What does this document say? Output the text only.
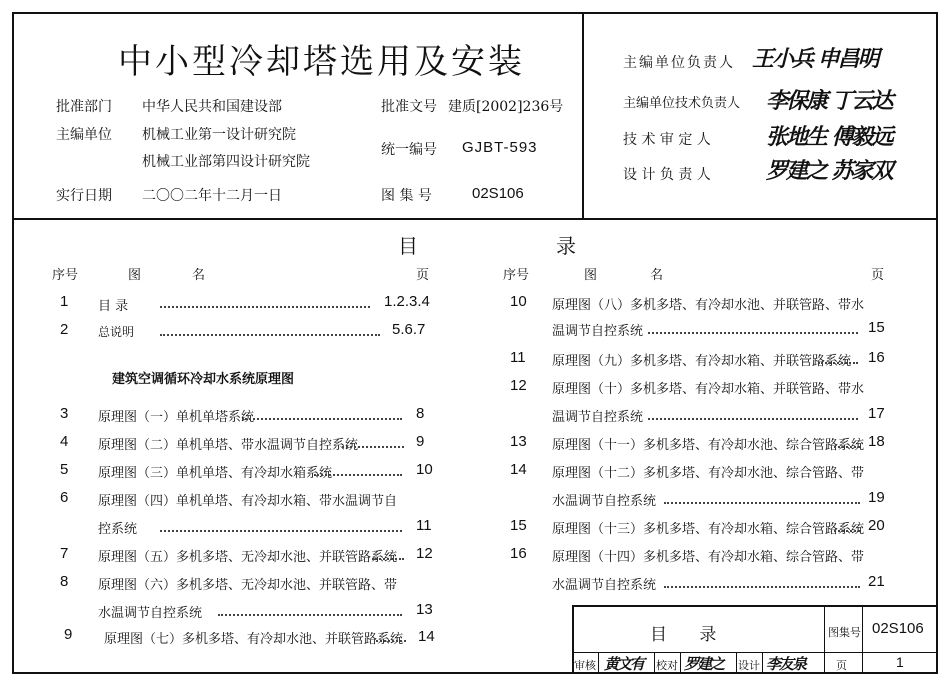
中小型冷却塔选用及安装
批准部门 中华人民共和国建设部	批准文号 建质[2002]236号
主编单位 机械工业第一设计研究院
机械工业部第四设计研究院
统一编号 GJBT-593
实行日期 二〇〇二年十二月一日	图 集 号	02S106
主编单位负责人 王小兵 申昌明
主编单位技术负责人 李保康 丁云达
技 术 审 定 人	张地生 傅毅远
设 计 负 责 人	罗建之 苏家双
目	录
序号	图	名	页	序号	图	名	页
1 目 录	1.2.3.4
2 总说明	5.6.7
建筑空调循环冷却水系统原理图
3 原理图（一）单机单塔系统	8
4 原理图（二）单机单塔、带水温调节自控系统	9
5 原理图（三）单机单塔、有冷却水箱系统	10
6 原理图（四）单机单塔、有冷却水箱、带水温调节自
控系统	11
7 原理图（五）多机多塔、无冷却水池、并联管路系统 12
8 原理图（六）多机多塔、无冷却水池、并联管路、带
水温调节自控系统	13
9 原理图（七）多机多塔、有冷却水池、并联管路系统 14
10 原理图（八）多机多塔、有冷却水池、并联管路、带水
温调节自控系统	15
11 原理图（九）多机多塔、有冷却水箱、并联管路系统 16
12 原理图（十）多机多塔、有冷却水箱、并联管路、带水
温调节自控系统	17
13 原理图（十一）多机多塔、有冷却水池、综合管路系统 18
14 原理图（十二）多机多塔、有冷却水池、综合管路、带
水温调节自控系统	19
15 原理图（十三）多机多塔、有冷却水箱、综合管路系统 20
16 原理图（十四）多机多塔、有冷却水箱、综合管路、带
水温调节自控系统	21
目      录	图集号 02S106
审核 黄文有 校对 罗建之 设计 李友泉	页	1
